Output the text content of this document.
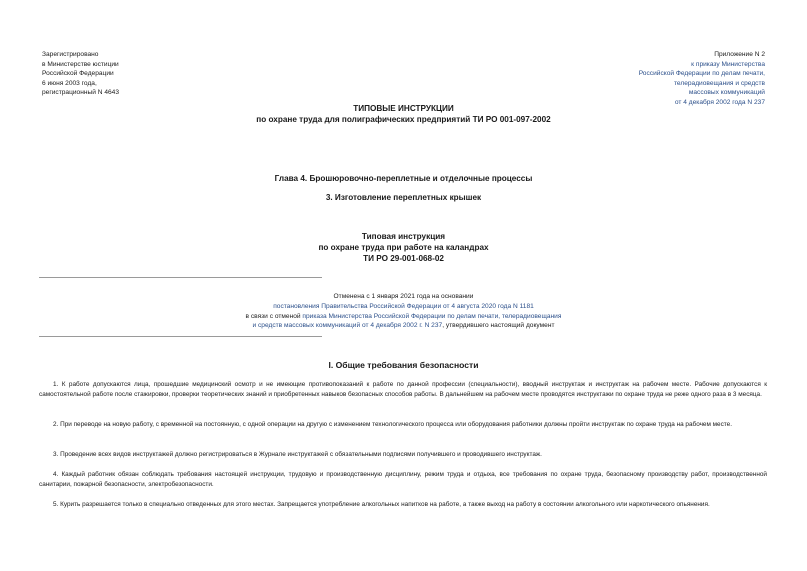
Зарегистрировано
в Министерстве юстиции
Российской Федерации
6 июня 2003 года,
регистрационный N 4643
Приложение N 2
к приказу Министерства
Российской Федерации по делам печати,
телерадиовещания и средств
массовых коммуникаций
от 4 декабря 2002 года N 237
ТИПОВЫЕ ИНСТРУКЦИИ
по охране труда для полиграфических предприятий ТИ РО 001-097-2002
Глава 4. Брошюровочно-переплетные и отделочные процессы
3. Изготовление переплетных крышек
Типовая инструкция
по охране труда при работе на каландрах
ТИ РО 29-001-068-02
Отменена с 1 января 2021 года на основании
постановления Правительства Российской Федерации от 4 августа 2020 года N 1181
в связи с отменой приказа Министерства Российской Федерации по делам печати, телерадиовещания
и средств массовых коммуникаций от 4 декабря 2002 г. N 237, утвердившего настоящий документ
I. Общие требования безопасности
1. К работе допускаются лица, прошедшие медицинский осмотр и не имеющие противопоказаний к работе по данной профессии (специальности), вводный инструктаж и инструктаж на рабочем месте. Рабочие допускаются к самостоятельной работе после стажировки, проверки теоретических знаний и приобретенных навыков безопасных способов работы. В дальнейшем на рабочем месте проводятся инструктажи по охране труда не реже одного раза в 3 месяца.
2. При переводе на новую работу, с временной на постоянную, с одной операции на другую с изменением технологического процесса или оборудования работники должны пройти инструктаж по охране труда на рабочем месте.
3. Проведение всех видов инструктажей должно регистрироваться в Журнале инструктажей с обязательными подписями получившего и проводившего инструктаж.
4. Каждый работник обязан соблюдать требования настоящей инструкции, трудовую и производственную дисциплину, режим труда и отдыха, все требования по охране труда, безопасному производству работ, производственной санитарии, пожарной безопасности, электробезопасности.
5. Курить разрешается только в специально отведенных для этого местах. Запрещается употребление алкогольных напитков на работе, а также выход на работу в состоянии алкогольного или наркотического опьянения.
